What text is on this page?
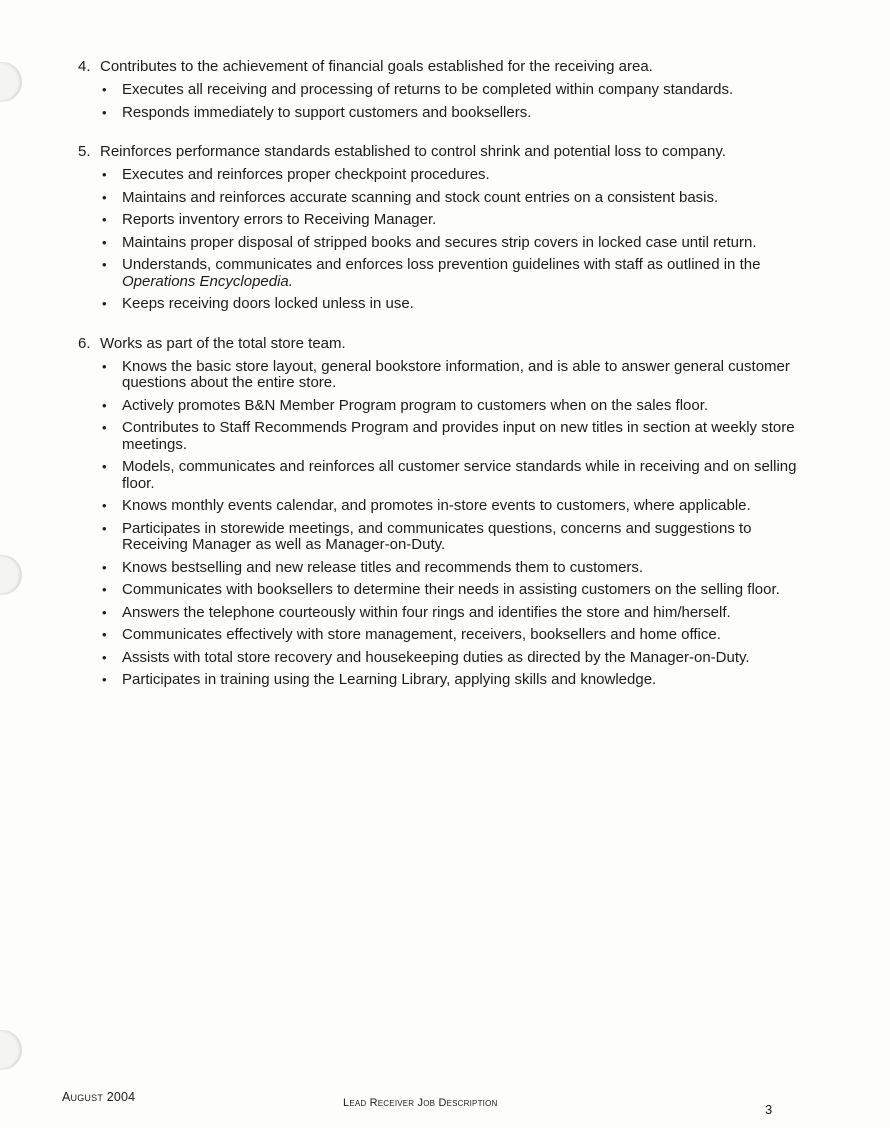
4. Contributes to the achievement of financial goals established for the receiving area.
•	Executes all receiving and processing of returns to be completed within company standards.
•	Responds immediately to support customers and booksellers.
5. Reinforces performance standards established to control shrink and potential loss to company.
•	Executes and reinforces proper checkpoint procedures.
•	Maintains and reinforces accurate scanning and stock count entries on a consistent basis.
•	Reports inventory errors to Receiving Manager.
•	Maintains proper disposal of stripped books and secures strip covers in locked case until return.
•	Understands, communicates and enforces loss prevention guidelines with staff as outlined in the Operations Encyclopedia.
•	Keeps receiving doors locked unless in use.
6. Works as part of the total store team.
•	Knows the basic store layout, general bookstore information, and is able to answer general customer questions about the entire store.
•	Actively promotes B&N Member Program program to customers when on the sales floor.
•	Contributes to Staff Recommends Program and provides input on new titles in section at weekly store meetings.
•	Models, communicates and reinforces all customer service standards while in receiving and on selling floor.
•	Knows monthly events calendar, and promotes in-store events to customers, where applicable.
•	Participates in storewide meetings, and communicates questions, concerns and suggestions to Receiving Manager as well as Manager-on-Duty.
•	Knows bestselling and new release titles and recommends them to customers.
•	Communicates with booksellers to determine their needs in assisting customers on the selling floor.
•	Answers the telephone courteously within four rings and identifies the store and him/herself.
•	Communicates effectively with store management, receivers, booksellers and home office.
•	Assists with total store recovery and housekeeping duties as directed by the Manager-on-Duty.
•	Participates in training using the Learning Library, applying skills and knowledge.
August 2004	Lead Receiver Job Description	3
